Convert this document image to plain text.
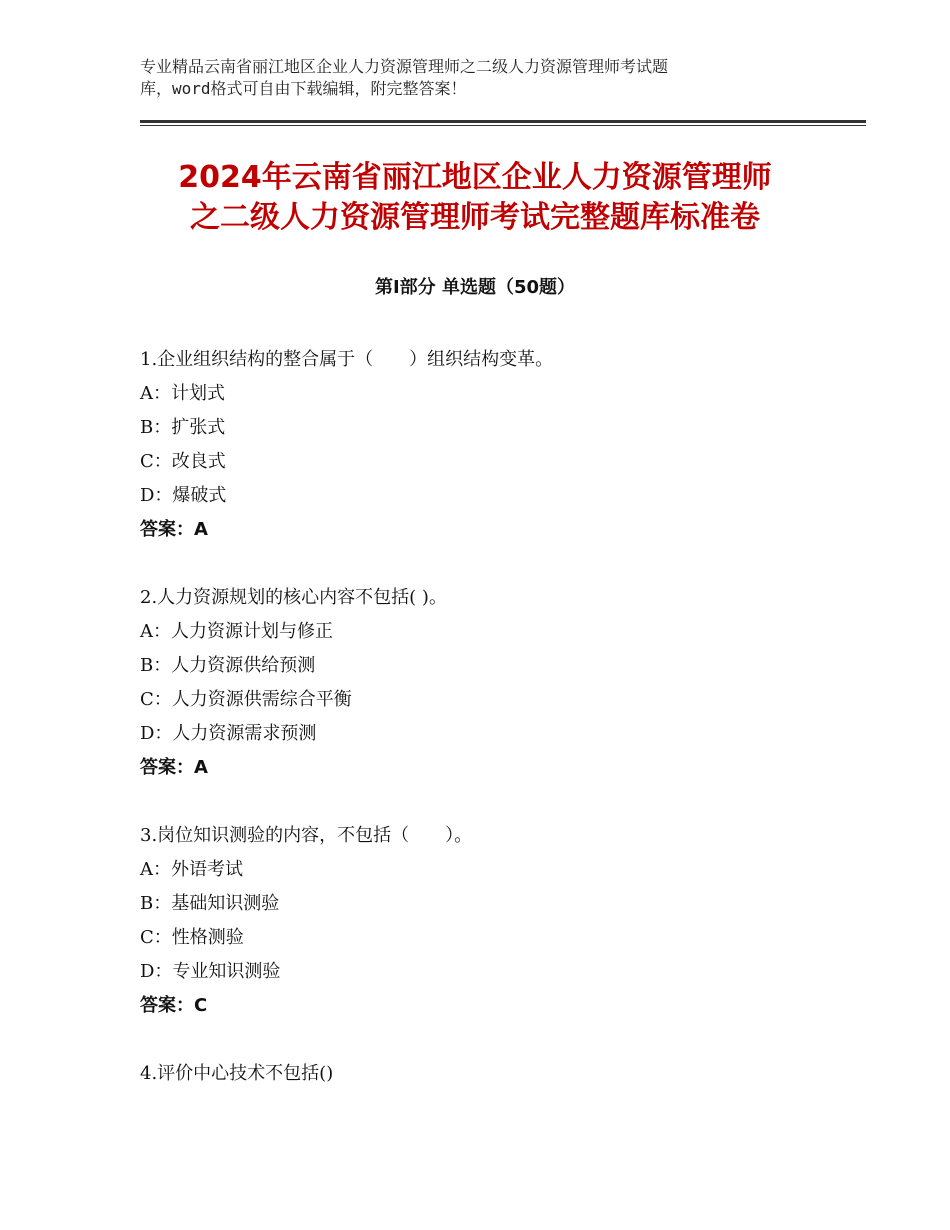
专业精品云南省丽江地区企业人力资源管理师之二级人力资源管理师考试题
库，word格式可自由下载编辑，附完整答案！
2024年云南省丽江地区企业人力资源管理师
之二级人力资源管理师考试完整题库标准卷
第Ⅰ部分 单选题（50题）
1.企业组织结构的整合属于（　　）组织结构变革。
A：计划式
B：扩张式
C：改良式
D：爆破式
答案：A
2.人力资源规划的核心内容不包括( )。
A：人力资源计划与修正
B：人力资源供给预测
C：人力资源供需综合平衡
D：人力资源需求预测
答案：A
3.岗位知识测验的内容，不包括（　　）。
A：外语考试
B：基础知识测验
C：性格测验
D：专业知识测验
答案：C
4.评价中心技术不包括()
